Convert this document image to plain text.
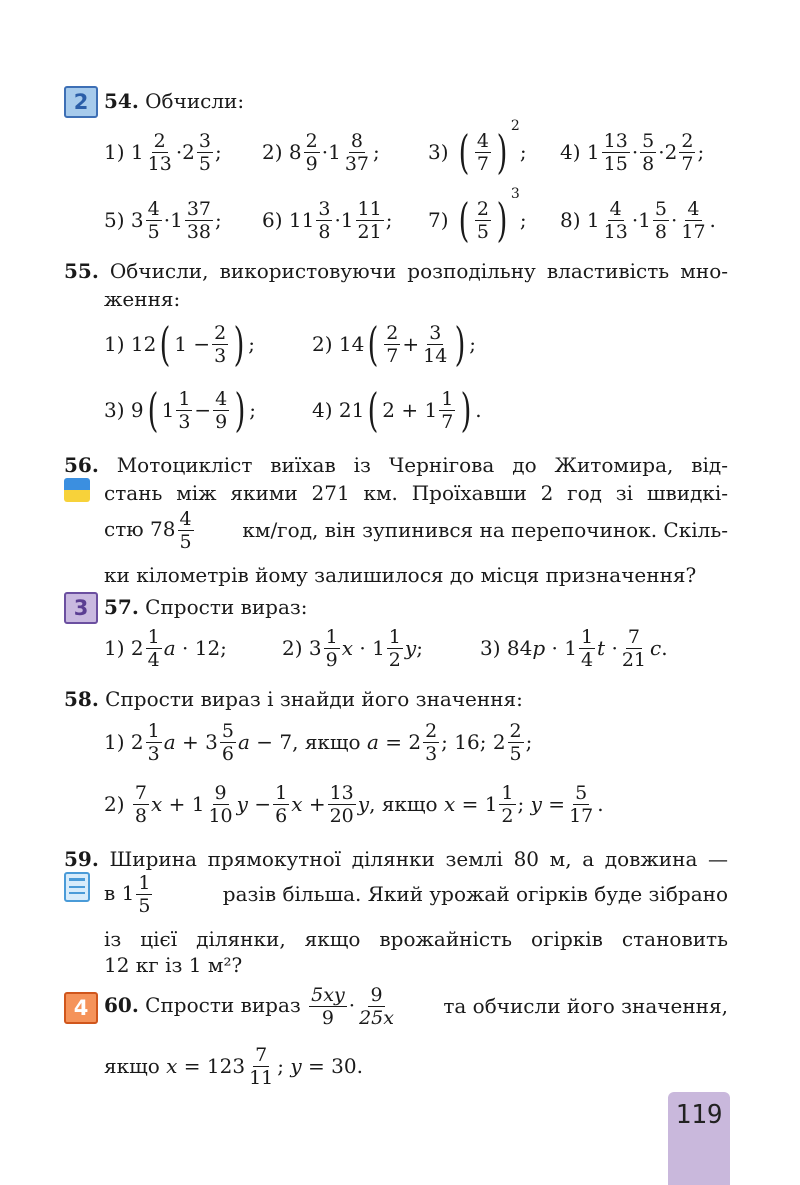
2 54. Обчисли:
1) $1 \frac{2}{13} \cdot 2 \frac{3}{5}$ ; 2) $8 \frac{2}{9} \cdot 1 \frac{8}{37}$ ; 3)
( $\frac{4}{7}$ ) 2
; 4) $1 \frac{13}{15} \cdot \frac{5}{8} \cdot 2 \frac{2}{7}$ ;
5) $3 \frac{4}{5} \cdot 1 \frac{37}{38}$ ; 6) $11 \frac{3}{8} \cdot 1 \frac{11}{21}$ ; 7)
( $\frac{2}{5}$ ) 3
; 8) $1 \frac{4}{13} \cdot 1 \frac{5}{8} \cdot \frac{4}{17}$ .
55. Обчисли, використовуючи розподільну властивість мно-
ження:
1) 12 ( $1 - \frac{2}{3}$ ) ;	2) 14 ( $\frac{2}{7} + \frac{3}{14}$ ) ;
3) 9 ( $1 \frac{1}{3} - \frac{4}{9}$ ) ;	4) 21 ( $2 + 1 \frac{1}{7}$ ) .
56. Мотоцикліст виїхав із Чернігова до Житомира, від-
стань між якими 271 км. Проїхавши 2 год зі швидкі-
стю $78 \frac{4}{5} км/год$, він зупинився на перепочинок. Скіль-
ки кілометрів йому залишилося до місця призначення?
3 57. Спрости вираз:
1) $2 \frac{1}{4}$ a · 12;	2) $3 \frac{1}{9}$ $x \cdot 1 \frac{1}{2}$ y ;	3) 84 $p \cdot 1 \frac{1}{4}$ $t \cdot \frac{7}{21}$ c .
58. Спрости вираз і знайди його значення:
1) $2 \frac{1}{3}$ $a + 3 \frac{5}{6}$ a − 7, якщо
$a = 2 \frac{2}{3}$ ; 16; $2 \frac{2}{5}$ ;
2)
$\frac{7}{8}$ $x + 1 \frac{9}{10}$ $y - \frac{1}{6}$ $x + \frac{13}{20}$ y , якщо
$x = 1 \frac{1}{2}$ ; $y = \frac{5}{17}$ .
59. Ширина прямокутної ділянки землі 80 м, а довжина —
в $1 \frac{1}{5}$	разів більша. Який урожай огірків буде зібрано
із цієї ділянки, якщо врожайність огірків становить
12 кг із 1 м²?
4 60. Спрости вираз $\frac{5xy}{9} \cdot \frac{9}{25x}$ та обчисли його значення,
якщо
$x = 123 \frac{7}{11}$ ; y = 30.
119
